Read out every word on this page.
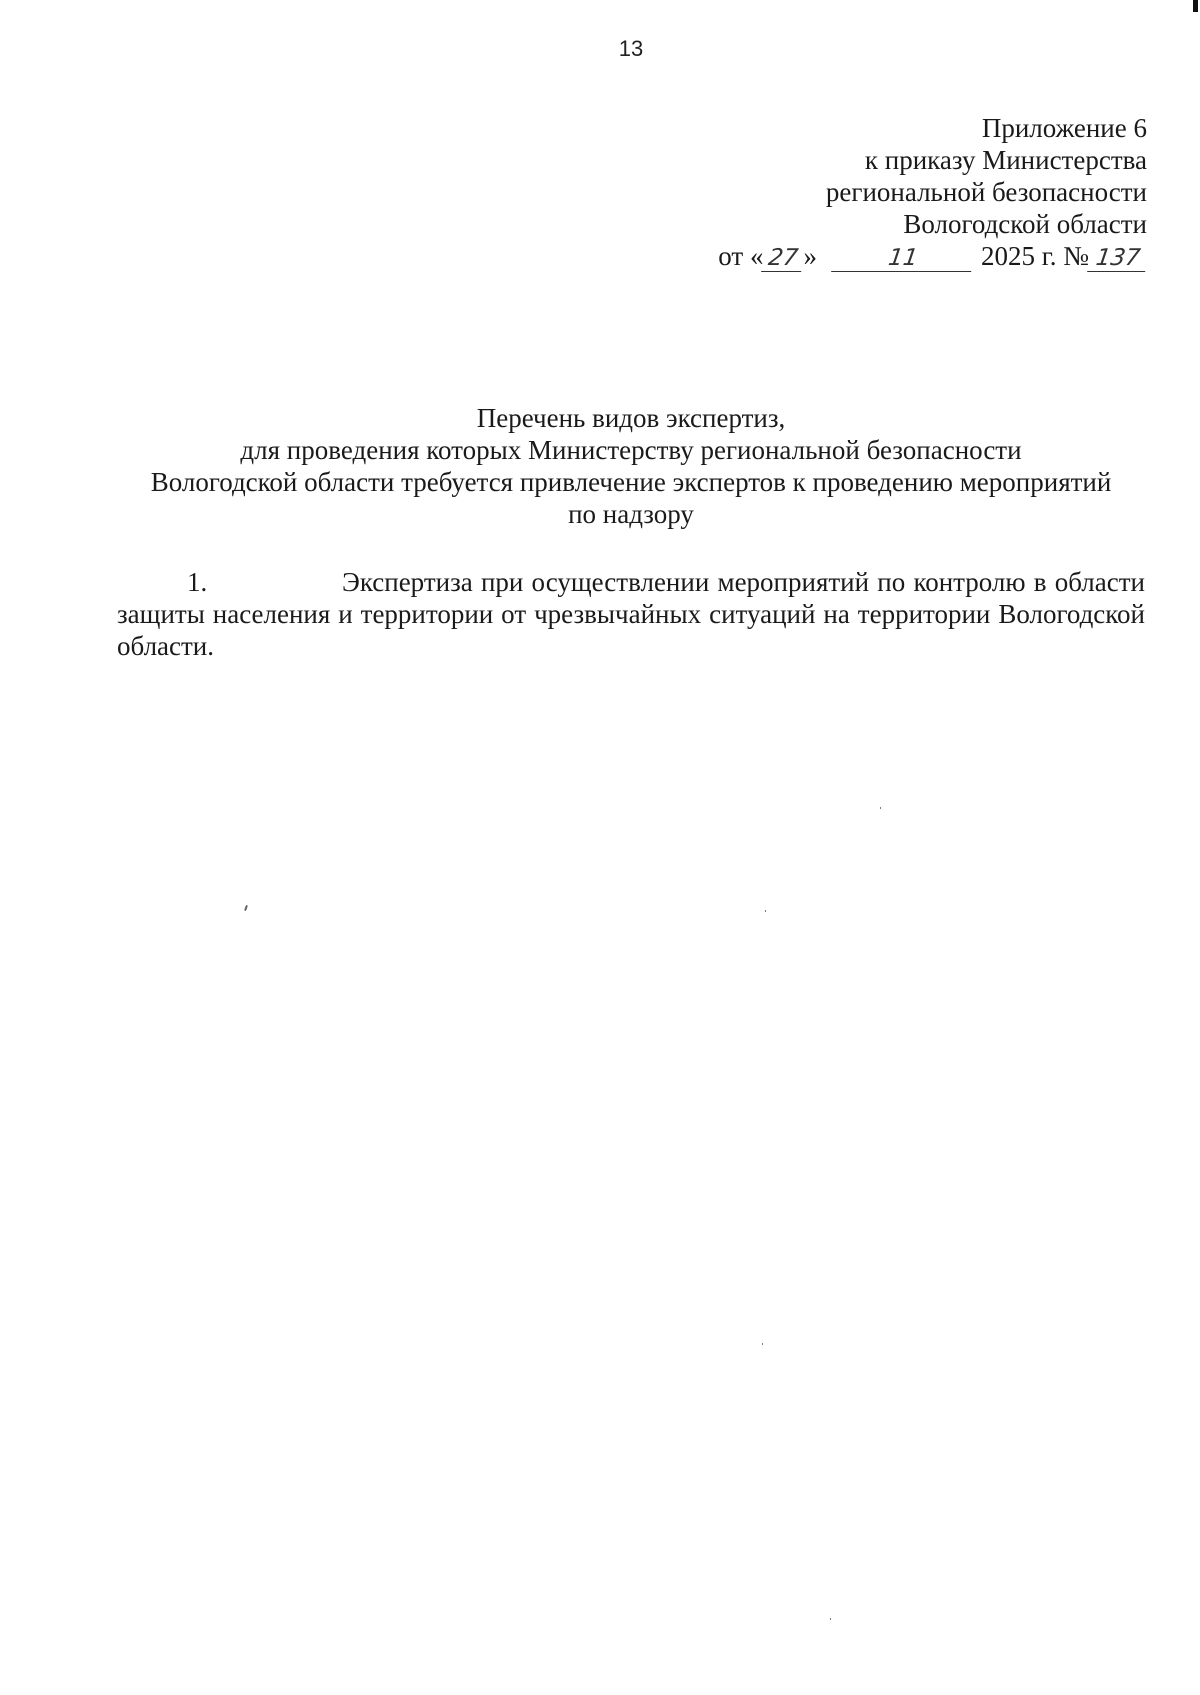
13
Приложение 6
к приказу Министерства
региональной безопасности
Вологодской области
от « 27 »	11 2025 г. № 137
Перечень видов экспертиз,
для проведения которых Министерству региональной безопасности
Вологодской области требуется привлечение экспертов к проведению мероприятий
по надзору
1.	Экспертиза при осуществлении мероприятий по контролю в области защиты населения и территории от чрезвычайных ситуаций на территории Вологодской области.
